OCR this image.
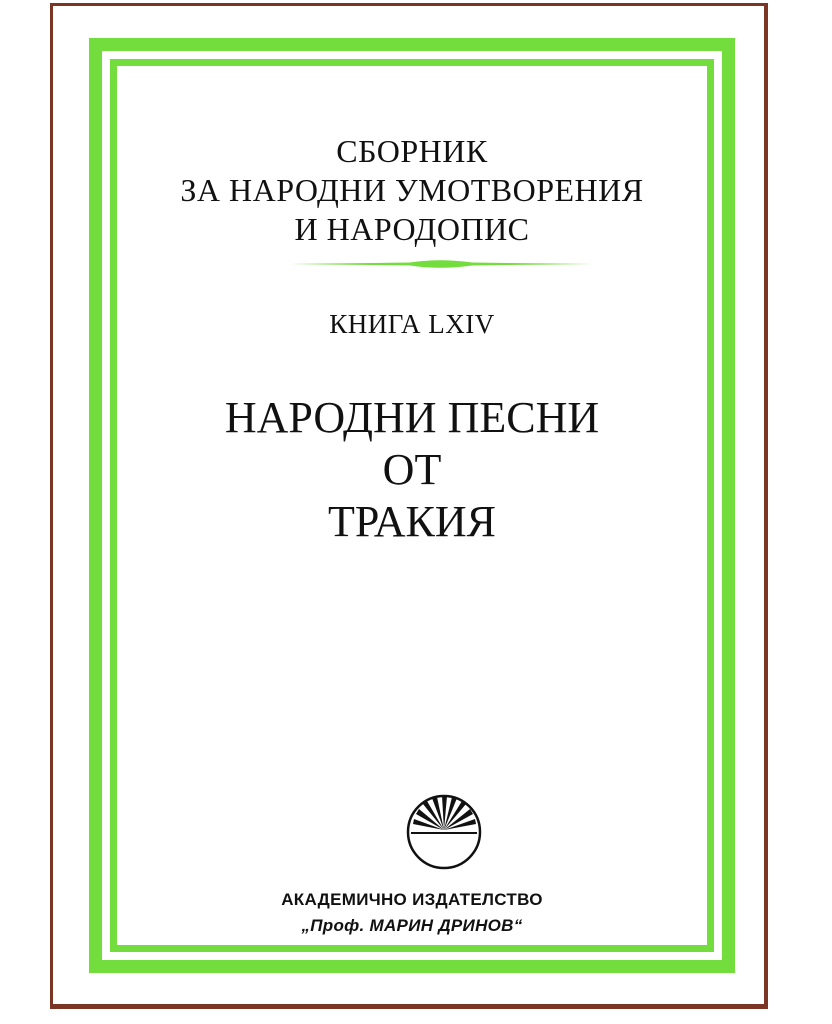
СБОРНИК
ЗА НАРОДНИ УМОТВОРЕНИЯ
И НАРОДОПИС
КНИГА LXIV
НАРОДНИ ПЕСНИ
ОТ
ТРАКИЯ
АКАДЕМИЧНО ИЗДАТЕЛСТВО
„Проф. МАРИН ДРИНОВ“
